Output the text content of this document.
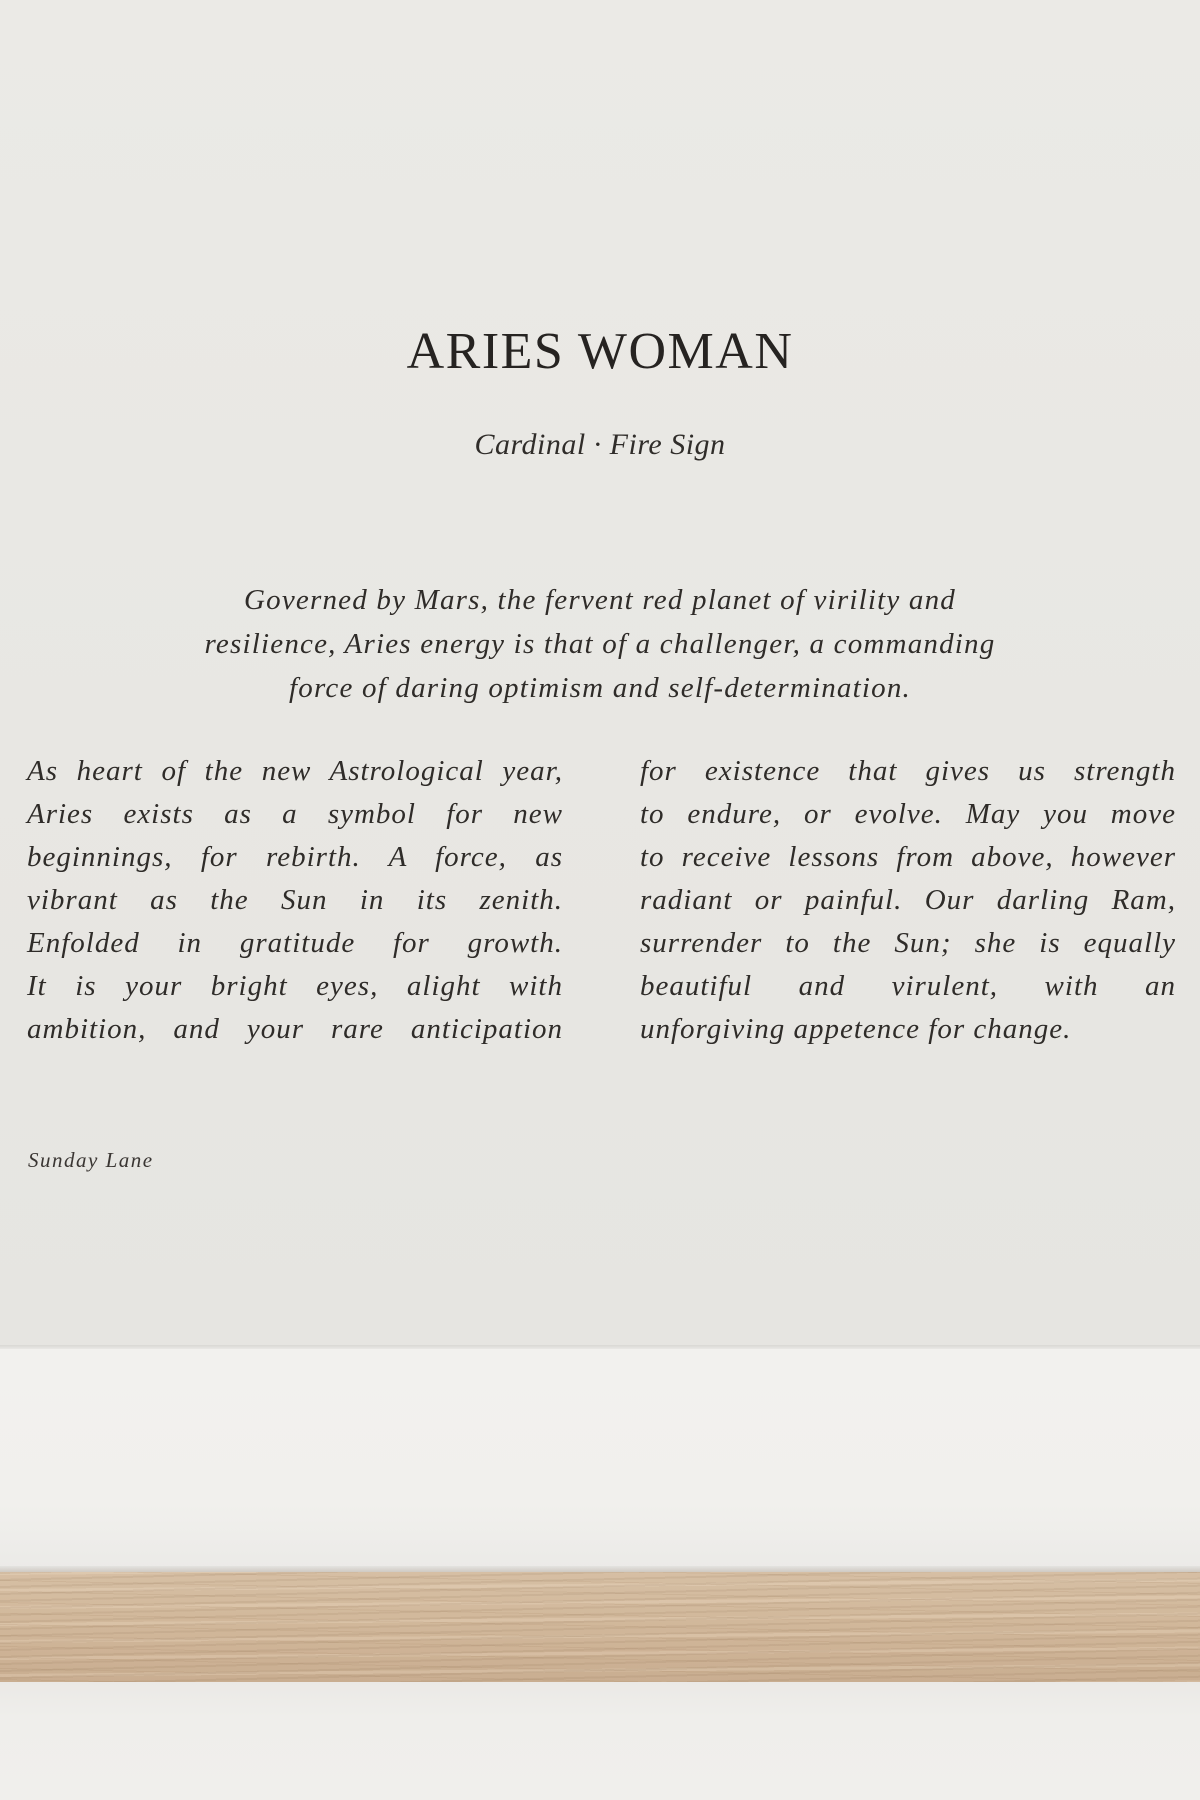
ARIES WOMAN
Cardinal · Fire Sign
Governed by Mars, the fervent red planet of virility and
resilience, Aries energy is that of a challenger, a commanding
force of daring optimism and self-determination.
As heart of the new Astrological year,
Aries exists as a symbol for new
beginnings, for rebirth. A force, as
vibrant as the Sun in its zenith.
Enfolded in gratitude for growth.
It is your bright eyes, alight with
ambition, and your rare anticipation
for existence that gives us strength
to endure, or evolve. May you move
to receive lessons from above, however
radiant or painful. Our darling Ram,
surrender to the Sun; she is equally
beautiful and virulent, with an
unforgiving appetence for change.
Sunday Lane
